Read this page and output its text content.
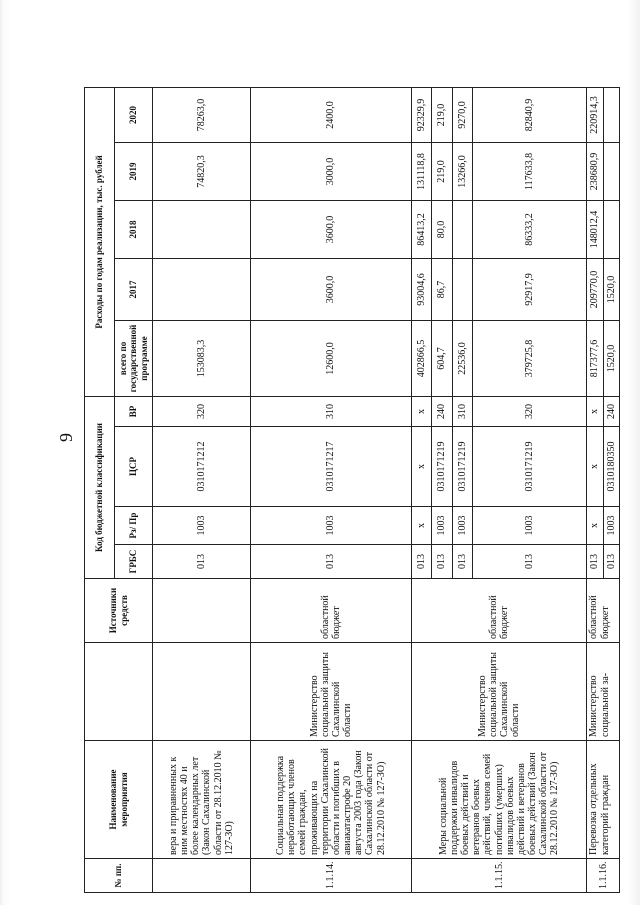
9
№ пп.	Наименование мероприятия		Источники средств	Код бюджетной классификации				Расходы по годам реализации, тыс. рублей				
				ГРБС	Рз/ Пр	ЦСР	ВР	всего по государственной программе	2017	2018	2019	2020
	вера и приравненных к ним местностях 40 и более календарных лет (Закон Сахалинской области от 28.12.2010 № 127-ЗО)			013	1003	0310171212	320	153083,3			74820,3	78263,0
1.1.14.	Социальная поддержка неработающих членов семей граждан, проживающих на территории Сахалинской области и погибших в авиакатастрофе 20 августа 2003 года (Закон Сахалинской области от 28.12.2010 № 127-ЗО)	Министерство социальной защиты Сахалинской области	областной бюджет	013	1003	0310171217	310	12600,0	3600,0	3600,0	3000,0	2400,0
1.1.15.	Меры социальной поддержки инвалидов боевых действий и ветеранов боевых действий, членов семей погибших (умерших) инвалидов боевых действий и ветеранов боевых действий (Закон Сахалинской области от 28.12.2010 № 127-ЗО)	Министерство социальной защиты Сахалинской области	областной бюджет	013	х	х	х	402866,5	93004,6	86413,2	131118,8	92329,9
				013	1003	0310171219	240	604,7	86,7	80,0	219,0	219,0
				013	1003	0310171219	310	22536,0			13266,0	9270,0
				013	1003	0310171219	320	379725,8	92917,9	86333,2	117633,8	82840,9
1.1.16.	Перевозка отдельных категорий граждан	Министерство социальной за-	областной бюджет	013	х	х	х	817377,6	209770,0	148012,4	238680,9	220914,3
				013	1003	0310180350	240	1520,0	1520,0			
